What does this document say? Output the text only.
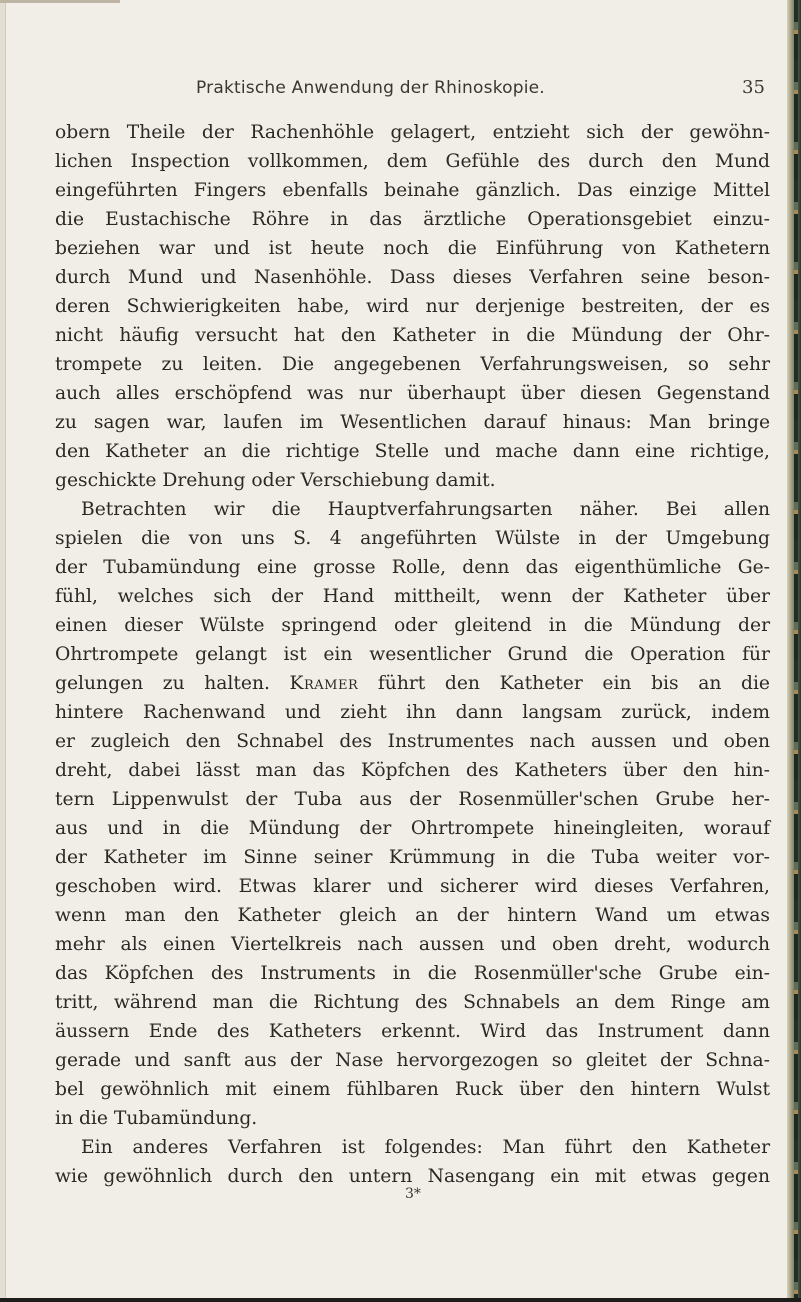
Praktische Anwendung der Rhinoskopie.	35
obern Theile der Rachenhöhle gelagert, entzieht sich der gewöhn-
lichen Inspection vollkommen, dem Gefühle des durch den Mund
eingeführten Fingers ebenfalls beinahe gänzlich. Das einzige Mittel
die Eustachische Röhre in das ärztliche Operationsgebiet einzu-
beziehen war und ist heute noch die Einführung von Kathetern
durch Mund und Nasenhöhle. Dass dieses Verfahren seine beson-
deren Schwierigkeiten habe, wird nur derjenige bestreiten, der es
nicht häufig versucht hat den Katheter in die Mündung der Ohr-
trompete zu leiten. Die angegebenen Verfahrungsweisen, so sehr
auch alles erschöpfend was nur überhaupt über diesen Gegenstand
zu sagen war, laufen im Wesentlichen darauf hinaus: Man bringe
den Katheter an die richtige Stelle und mache dann eine richtige,
geschickte Drehung oder Verschiebung damit.
Betrachten wir die Hauptverfahrungsarten näher. Bei allen
spielen die von uns S. 4 angeführten Wülste in der Umgebung
der Tubamündung eine grosse Rolle, denn das eigenthümliche Ge-
fühl, welches sich der Hand mittheilt, wenn der Katheter über
einen dieser Wülste springend oder gleitend in die Mündung der
Ohrtrompete gelangt ist ein wesentlicher Grund die Operation für
gelungen zu halten. Kramer führt den Katheter ein bis an die
hintere Rachenwand und zieht ihn dann langsam zurück, indem
er zugleich den Schnabel des Instrumentes nach aussen und oben
dreht, dabei lässt man das Köpfchen des Katheters über den hin-
tern Lippenwulst der Tuba aus der Rosenmüller'schen Grube her-
aus und in die Mündung der Ohrtrompete hineingleiten, worauf
der Katheter im Sinne seiner Krümmung in die Tuba weiter vor-
geschoben wird. Etwas klarer und sicherer wird dieses Verfahren,
wenn man den Katheter gleich an der hintern Wand um etwas
mehr als einen Viertelkreis nach aussen und oben dreht, wodurch
das Köpfchen des Instruments in die Rosenmüller'sche Grube ein-
tritt, während man die Richtung des Schnabels an dem Ringe am
äussern Ende des Katheters erkennt. Wird das Instrument dann
gerade und sanft aus der Nase hervorgezogen so gleitet der Schna-
bel gewöhnlich mit einem fühlbaren Ruck über den hintern Wulst
in die Tubamündung.
Ein anderes Verfahren ist folgendes: Man führt den Katheter
wie gewöhnlich durch den untern Nasengang ein mit etwas gegen
3*
